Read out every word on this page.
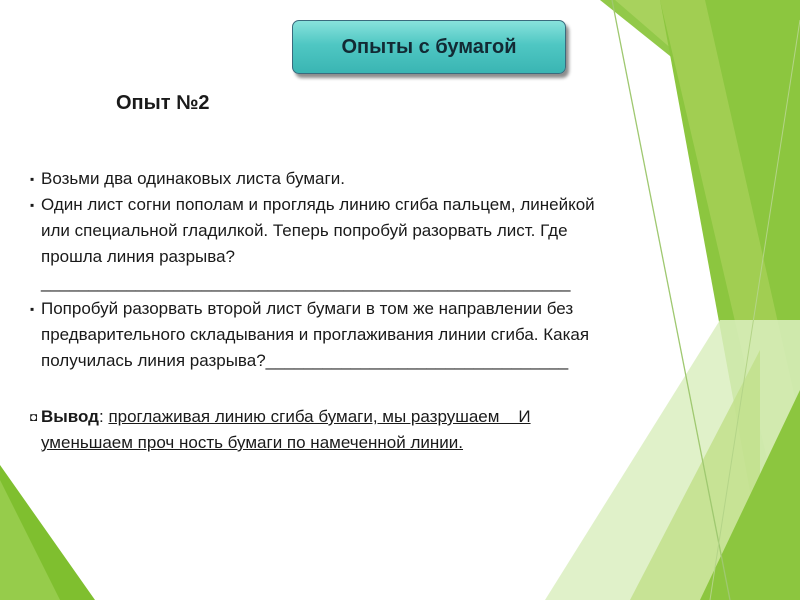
Опыты с бумагой
Опыт №2
▪ Возьми два одинаковых листа бумаги.
▪ Один лист согни пополам и проглядь линию сгиба пальцем, линейкой
или специальной гладилкой. Теперь попробуй разорвать лист. Где
прошла линия разрыва?
________________________________________________________
▪ Попробуй разорвать второй лист бумаги в том же направлении без
предварительного складывания и проглаживания линии сгиба. Какая
получилась линия разрыва?________________________________
◘ Вывод: проглаживая линию сгиба бумаги, мы разрушаем    И
уменьшаем проч ность бумаги по намеченной линии.
